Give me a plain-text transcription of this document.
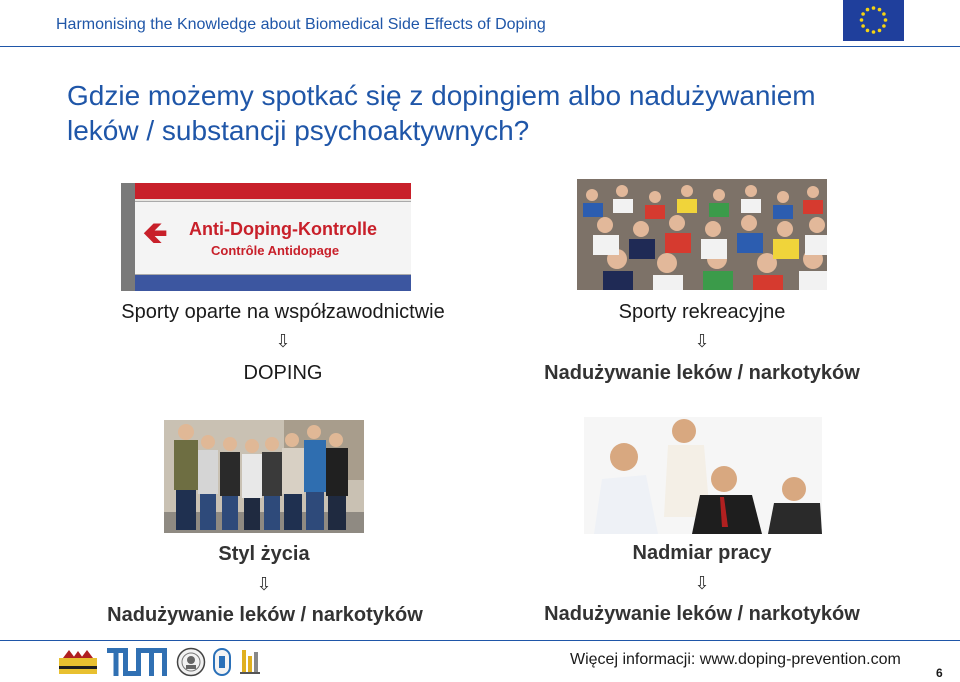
Harmonising the Knowledge about Biomedical Side Effects of Doping
Gdzie możemy spotkać się z dopingiem albo nadużywaniem
leków / substancji psychoaktywnych?
🡸 Anti-Doping-Kontrolle
Contrôle Antidopage
Sporty oparte na współzawodnictwie
⇩
DOPING
Sporty rekreacyjne
⇩
Nadużywanie leków / narkotyków
Styl życia
⇩
Nadużywanie leków / narkotyków
Nadmiar pracy
⇩
Nadużywanie leków / narkotyków
Więcej informacji: www.doping-prevention.com
6
